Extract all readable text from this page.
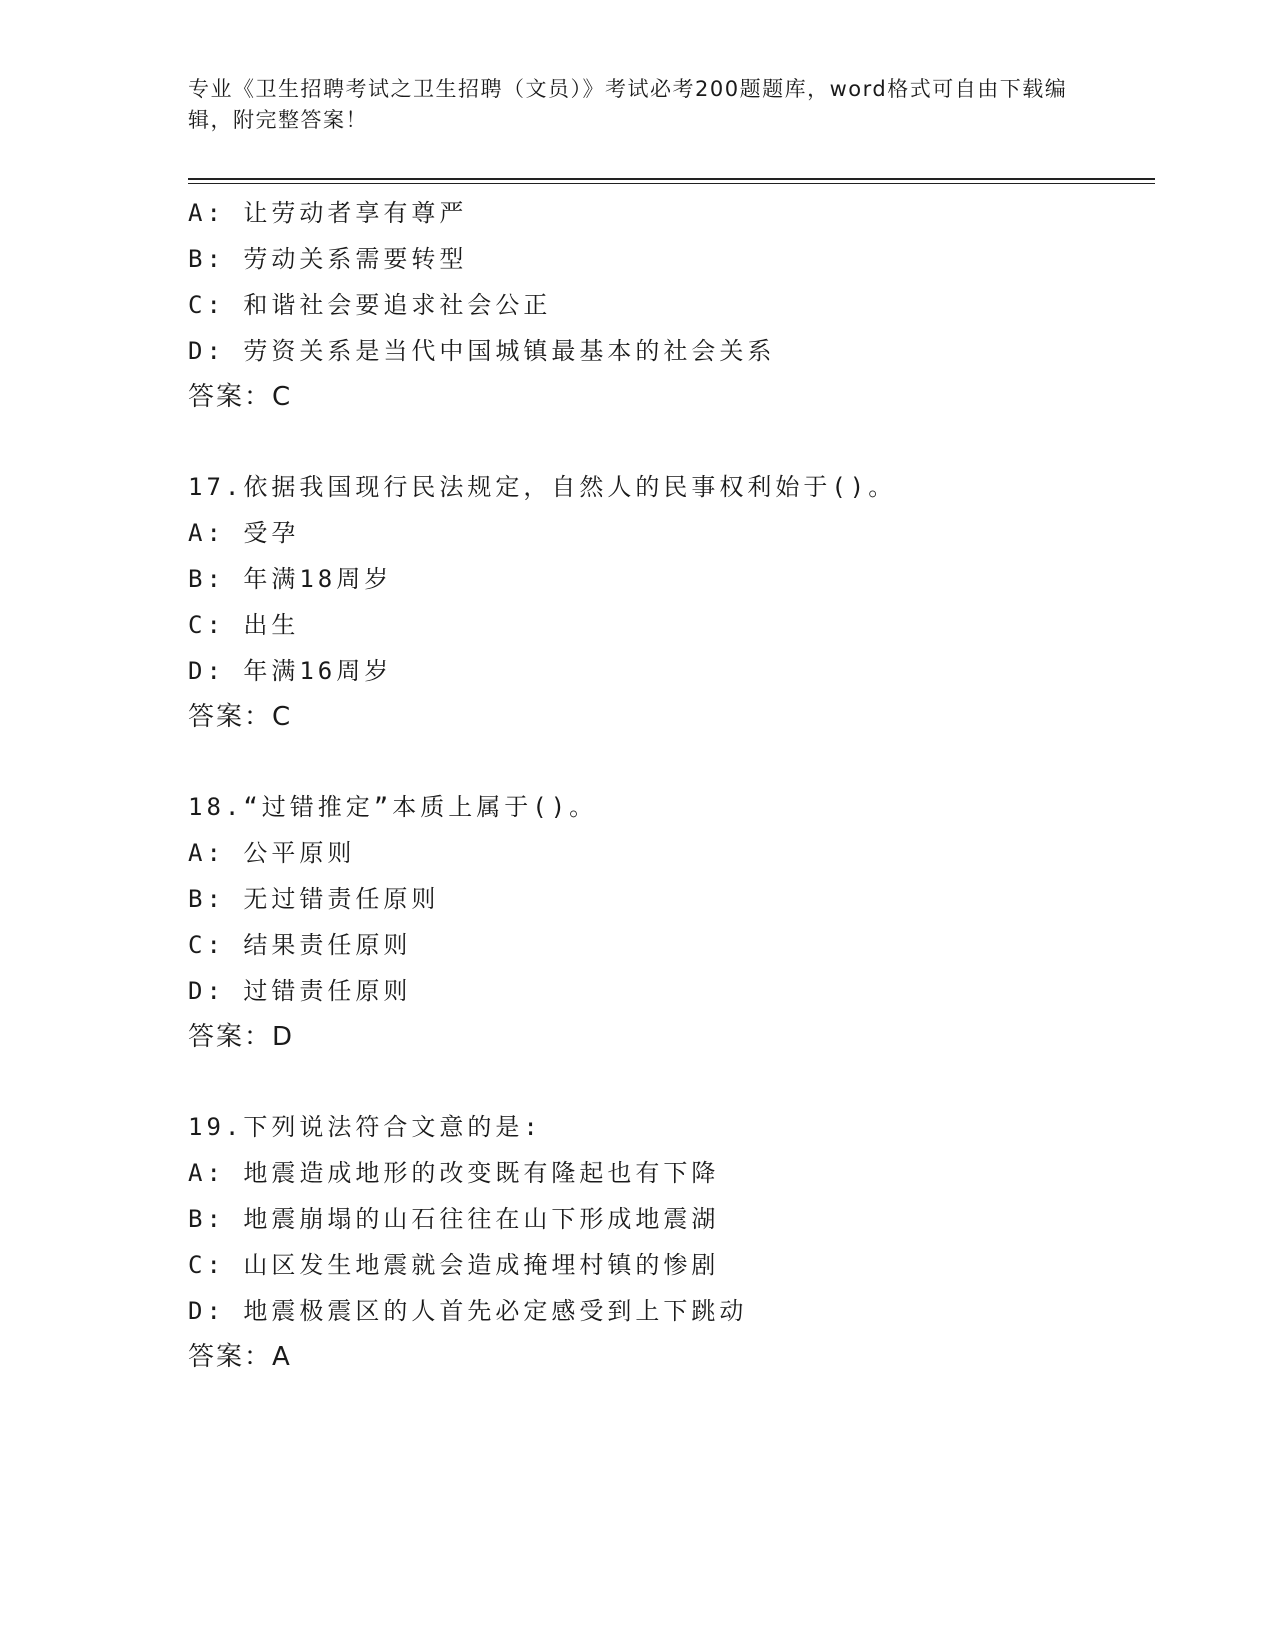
专业《卫生招聘考试之卫生招聘（文员）》考试必考200题题库，word格式可自由下载编辑，附完整答案！
A: 让劳动者享有尊严
B: 劳动关系需要转型
C: 和谐社会要追求社会公正
D: 劳资关系是当代中国城镇最基本的社会关系
答案：C
17.依据我国现行民法规定，自然人的民事权利始于()。
A: 受孕
B: 年满18周岁
C: 出生
D: 年满16周岁
答案：C
18.“过错推定”本质上属于()。
A: 公平原则
B: 无过错责任原则
C: 结果责任原则
D: 过错责任原则
答案：D
19.下列说法符合文意的是:
A: 地震造成地形的改变既有隆起也有下降
B: 地震崩塌的山石往往在山下形成地震湖
C: 山区发生地震就会造成掩埋村镇的惨剧
D: 地震极震区的人首先必定感受到上下跳动
答案：A
